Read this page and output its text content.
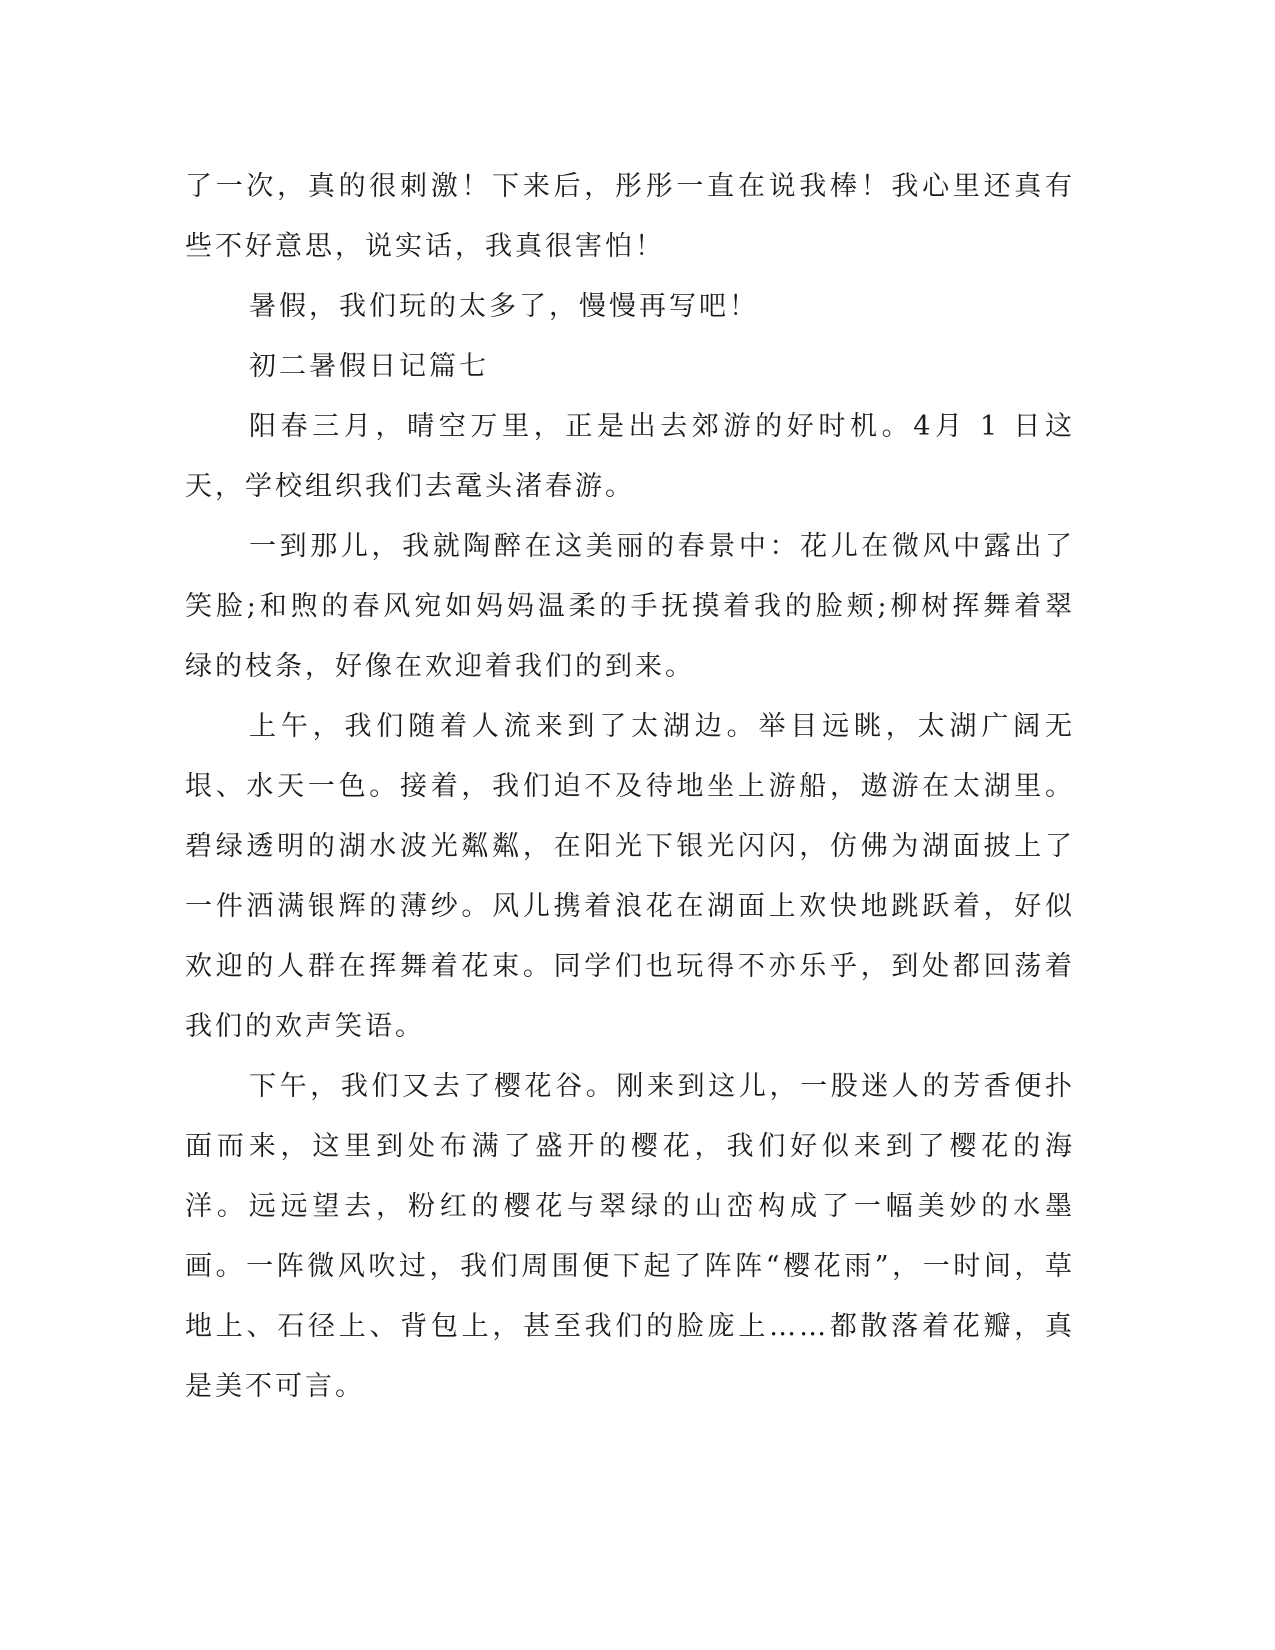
了一次，真的很刺激！下来后，彤彤一直在说我棒！我心里还真有些不好意思，说实话，我真很害怕！

暑假，我们玩的太多了，慢慢再写吧！

初二暑假日记篇七

阳春三月，晴空万里，正是出去郊游的好时机。4月 1 日这天，学校组织我们去鼋头渚春游。

一到那儿，我就陶醉在这美丽的春景中：花儿在微风中露出了笑脸;和煦的春风宛如妈妈温柔的手抚摸着我的脸颊;柳树挥舞着翠绿的枝条，好像在欢迎着我们的到来。

上午，我们随着人流来到了太湖边。举目远眺，太湖广阔无垠、水天一色。接着，我们迫不及待地坐上游船，遨游在太湖里。碧绿透明的湖水波光粼粼，在阳光下银光闪闪，仿佛为湖面披上了一件洒满银辉的薄纱。风儿携着浪花在湖面上欢快地跳跃着，好似欢迎的人群在挥舞着花束。同学们也玩得不亦乐乎，到处都回荡着我们的欢声笑语。

下午，我们又去了樱花谷。刚来到这儿，一股迷人的芳香便扑面而来，这里到处布满了盛开的樱花，我们好似来到了樱花的海洋。远远望去，粉红的樱花与翠绿的山峦构成了一幅美妙的水墨画。一阵微风吹过，我们周围便下起了阵阵“樱花雨”，一时间，草地上、石径上、背包上，甚至我们的脸庞上……都散落着花瓣，真是美不可言。
